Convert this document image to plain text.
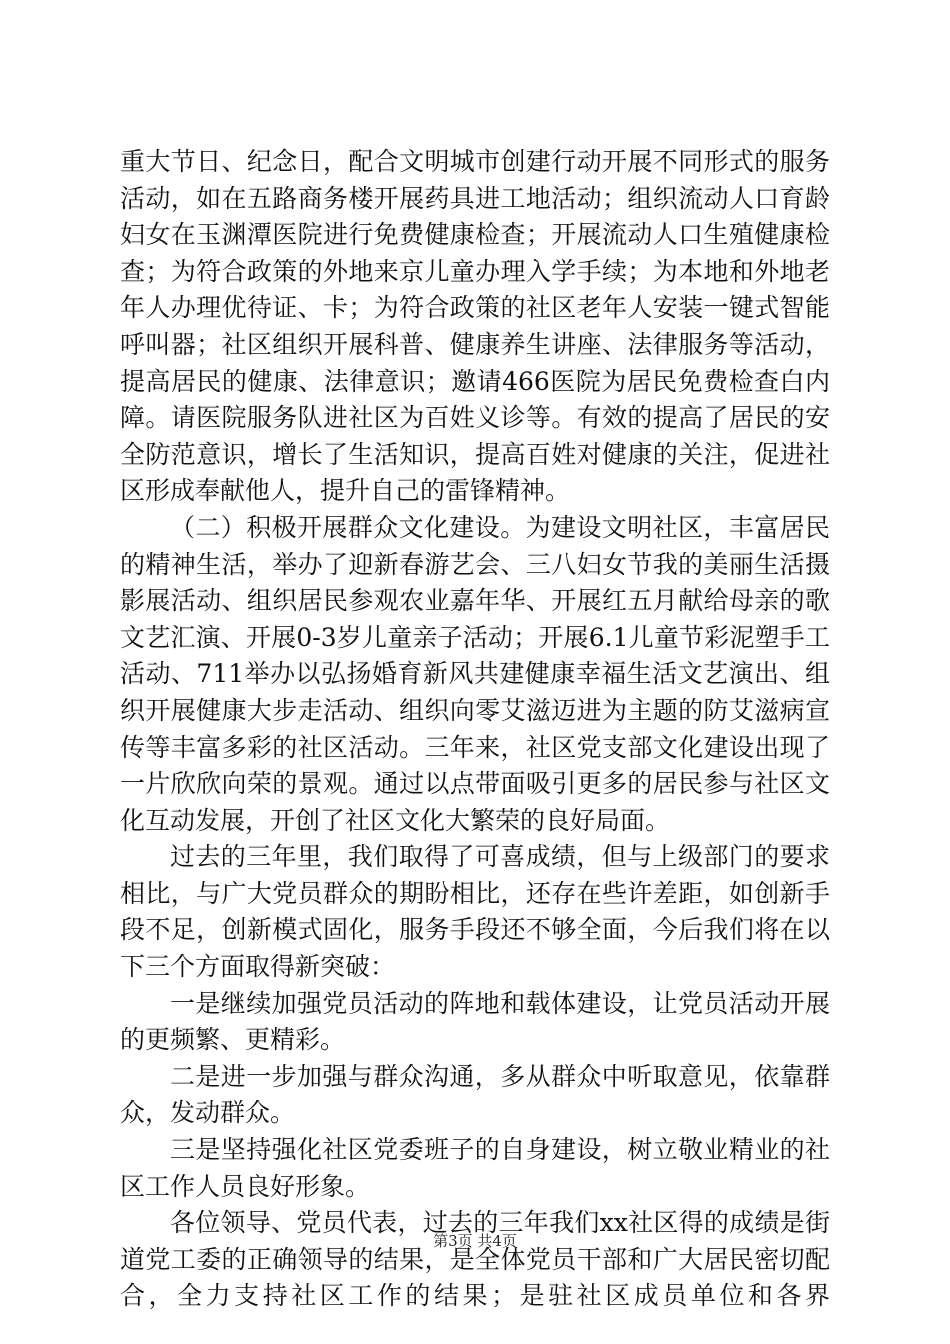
重大节日、纪念日，配合文明城市创建行动开展不同形式的服务活动，如在五路商务楼开展药具进工地活动；组织流动人口育龄妇女在玉渊潭医院进行免费健康检查；开展流动人口生殖健康检查；为符合政策的外地来京儿童办理入学手续；为本地和外地老年人办理优待证、卡；为符合政策的社区老年人安装一键式智能呼叫器；社区组织开展科普、健康养生讲座、法律服务等活动，提高居民的健康、法律意识；邀请466医院为居民免费检查白内障。请医院服务队进社区为百姓义诊等。有效的提高了居民的安全防范意识，增长了生活知识，提高百姓对健康的关注，促进社区形成奉献他人，提升自己的雷锋精神。

（二）积极开展群众文化建设。为建设文明社区，丰富居民的精神生活，举办了迎新春游艺会、三八妇女节我的美丽生活摄影展活动、组织居民参观农业嘉年华、开展红五月献给母亲的歌文艺汇演、开展0-3岁儿童亲子活动；开展6.1儿童节彩泥塑手工活动、711举办以弘扬婚育新风共建健康幸福生活文艺演出、组织开展健康大步走活动、组织向零艾滋迈进为主题的防艾滋病宣传等丰富多彩的社区活动。三年来，社区党支部文化建设出现了一片欣欣向荣的景观。通过以点带面吸引更多的居民参与社区文化互动发展，开创了社区文化大繁荣的良好局面。

过去的三年里，我们取得了可喜成绩，但与上级部门的要求相比，与广大党员群众的期盼相比，还存在些许差距，如创新手段不足，创新模式固化，服务手段还不够全面，今后我们将在以下三个方面取得新突破：

一是继续加强党员活动的阵地和载体建设，让党员活动开展的更频繁、更精彩。

二是进一步加强与群众沟通，多从群众中听取意见，依靠群众，发动群众。

三是坚持强化社区党委班子的自身建设，树立敬业精业的社区工作人员良好形象。

各位领导、党员代表，过去的三年我们xx社区得的成绩是街道党工委的正确领导的结果，是全体党员干部和广大居民密切配合，全力支持社区工作的结果；是驻社区成员单位和各界

第3页 共4页
